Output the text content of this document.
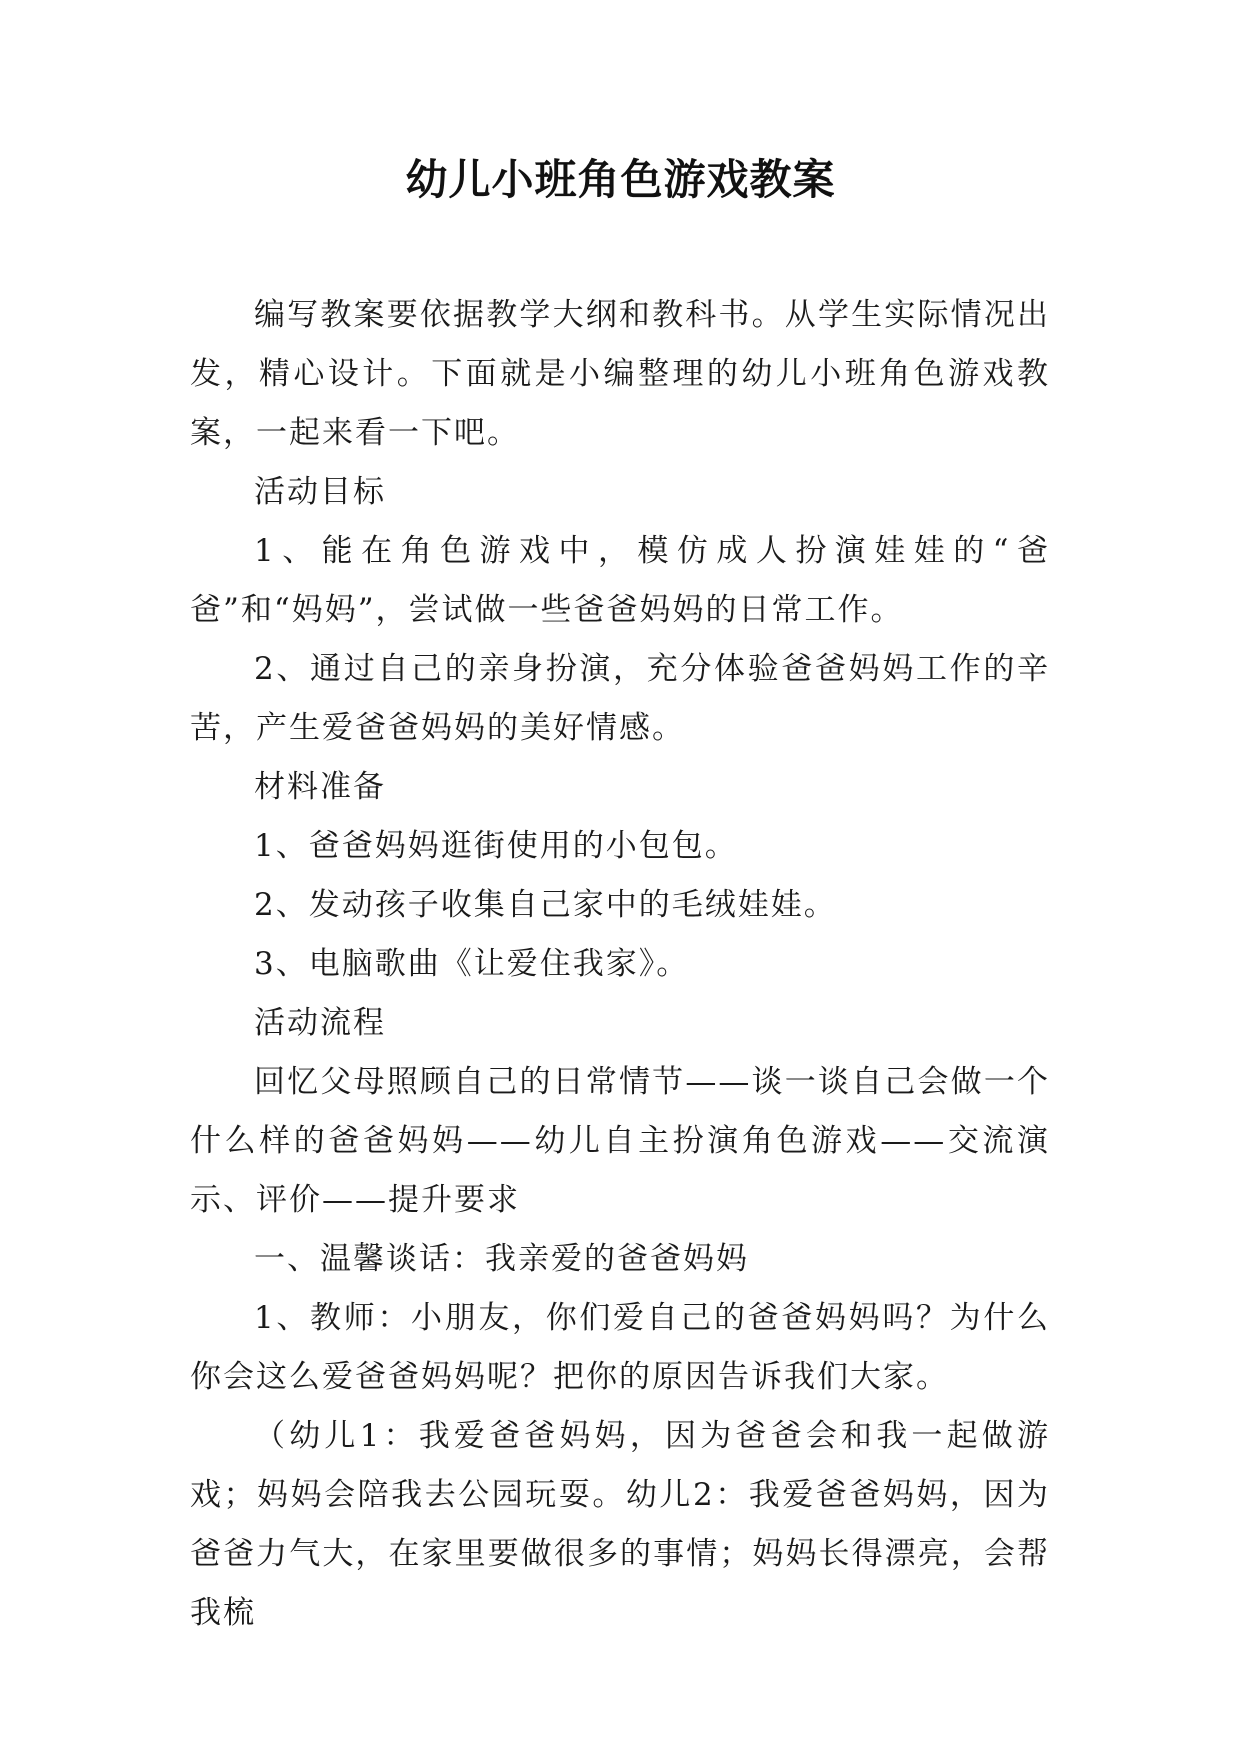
幼儿小班角色游戏教案

编写教案要依据教学大纲和教科书。从学生实际情况出发，精心设计。下面就是小编整理的幼儿小班角色游戏教案，一起来看一下吧。

活动目标

1、能在角色游戏中，模仿成人扮演娃娃的“爸爸”和“妈妈”，尝试做一些爸爸妈妈的日常工作。

2、通过自己的亲身扮演，充分体验爸爸妈妈工作的辛苦，产生爱爸爸妈妈的美好情感。

材料准备

1、爸爸妈妈逛街使用的小包包。

2、发动孩子收集自己家中的毛绒娃娃。

3、电脑歌曲《让爱住我家》。

活动流程

回忆父母照顾自己的日常情节——谈一谈自己会做一个什么样的爸爸妈妈——幼儿自主扮演角色游戏——交流演示、评价——提升要求

一、温馨谈话：我亲爱的爸爸妈妈

1、教师：小朋友，你们爱自己的爸爸妈妈吗？为什么你会这么爱爸爸妈妈呢？把你的原因告诉我们大家。

（幼儿1：我爱爸爸妈妈，因为爸爸会和我一起做游戏；妈妈会陪我去公园玩耍。幼儿2：我爱爸爸妈妈，因为爸爸力气大，在家里要做很多的事情；妈妈长得漂亮，会帮我梳
